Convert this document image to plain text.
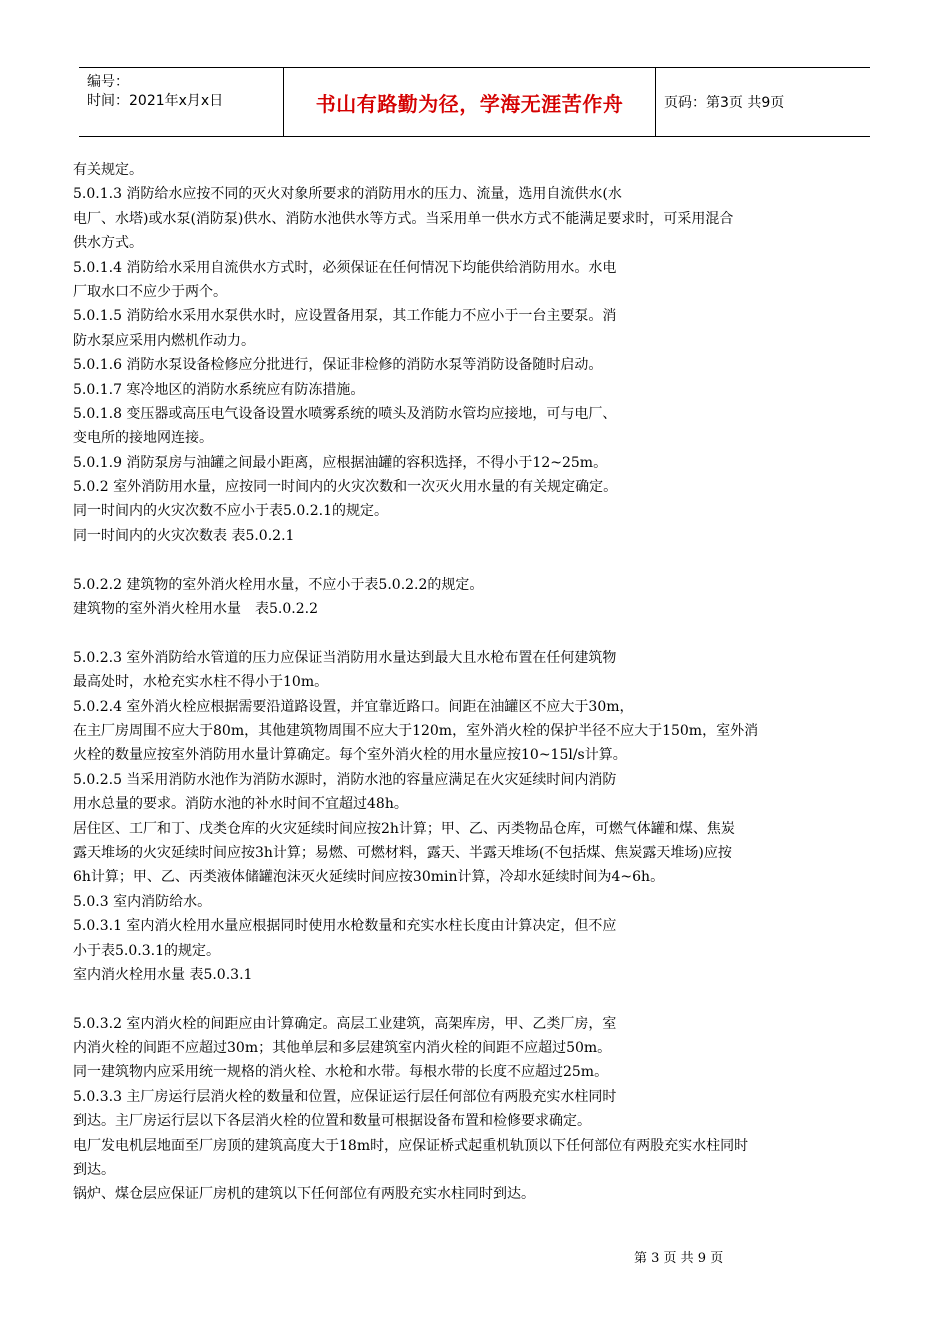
编号：
时间：2021年x月x日	书山有路勤为径，学海无涯苦作舟	页码：第3页 共9页
有关规定。
5.0.1.3 消防给水应按不同的灭火对象所要求的消防用水的压力、流量，选用自流供水(水
电厂、水塔)或水泵(消防泵)供水、消防水池供水等方式。当采用单一供水方式不能满足要求时，可采用混合
供水方式。
5.0.1.4 消防给水采用自流供水方式时，必须保证在任何情况下均能供给消防用水。水电
厂取水口不应少于两个。
5.0.1.5 消防给水采用水泵供水时，应设置备用泵，其工作能力不应小于一台主要泵。消
防水泵应采用内燃机作动力。
5.0.1.6 消防水泵设备检修应分批进行，保证非检修的消防水泵等消防设备随时启动。
5.0.1.7 寒冷地区的消防水系统应有防冻措施。
5.0.1.8 变压器或高压电气设备设置水喷雾系统的喷头及消防水管均应接地，可与电厂、
变电所的接地网连接。
5.0.1.9 消防泵房与油罐之间最小距离，应根据油罐的容积选择，不得小于12~25m。
5.0.2 室外消防用水量，应按同一时间内的火灾次数和一次灭火用水量的有关规定确定。
同一时间内的火灾次数不应小于表5.0.2.1的规定。
同一时间内的火灾次数表 表5.0.2.1
5.0.2.2 建筑物的室外消火栓用水量，不应小于表5.0.2.2的规定。
建筑物的室外消火栓用水量　表5.0.2.2
5.0.2.3 室外消防给水管道的压力应保证当消防用水量达到最大且水枪布置在任何建筑物
最高处时，水枪充实水柱不得小于10m。
5.0.2.4 室外消火栓应根据需要沿道路设置，并宜靠近路口。间距在油罐区不应大于30m，
在主厂房周围不应大于80m，其他建筑物周围不应大于120m，室外消火栓的保护半径不应大于150m，室外消
火栓的数量应按室外消防用水量计算确定。每个室外消火栓的用水量应按10~15l/s计算。
5.0.2.5 当采用消防水池作为消防水源时，消防水池的容量应满足在火灾延续时间内消防
用水总量的要求。消防水池的补水时间不宜超过48h。
居住区、工厂和丁、戊类仓库的火灾延续时间应按2h计算；甲、乙、丙类物品仓库，可燃气体罐和煤、焦炭
露天堆场的火灾延续时间应按3h计算；易燃、可燃材料，露天、半露天堆场(不包括煤、焦炭露天堆场)应按
6h计算；甲、乙、丙类液体储罐泡沫灭火延续时间应按30min计算，冷却水延续时间为4~6h。
5.0.3 室内消防给水。
5.0.3.1 室内消火栓用水量应根据同时使用水枪数量和充实水柱长度由计算决定，但不应
小于表5.0.3.1的规定。
室内消火栓用水量 表5.0.3.1
5.0.3.2 室内消火栓的间距应由计算确定。高层工业建筑，高架库房，甲、乙类厂房，室
内消火栓的间距不应超过30m；其他单层和多层建筑室内消火栓的间距不应超过50m。
同一建筑物内应采用统一规格的消火栓、水枪和水带。每根水带的长度不应超过25m。
5.0.3.3 主厂房运行层消火栓的数量和位置，应保证运行层任何部位有两股充实水柱同时
到达。主厂房运行层以下各层消火栓的位置和数量可根据设备布置和检修要求确定。
电厂发电机层地面至厂房顶的建筑高度大于18m时，应保证桥式起重机轨顶以下任何部位有两股充实水柱同时
到达。
锅炉、煤仓层应保证厂房机的建筑以下任何部位有两股充实水柱同时到达。
第 3 页 共 9 页
